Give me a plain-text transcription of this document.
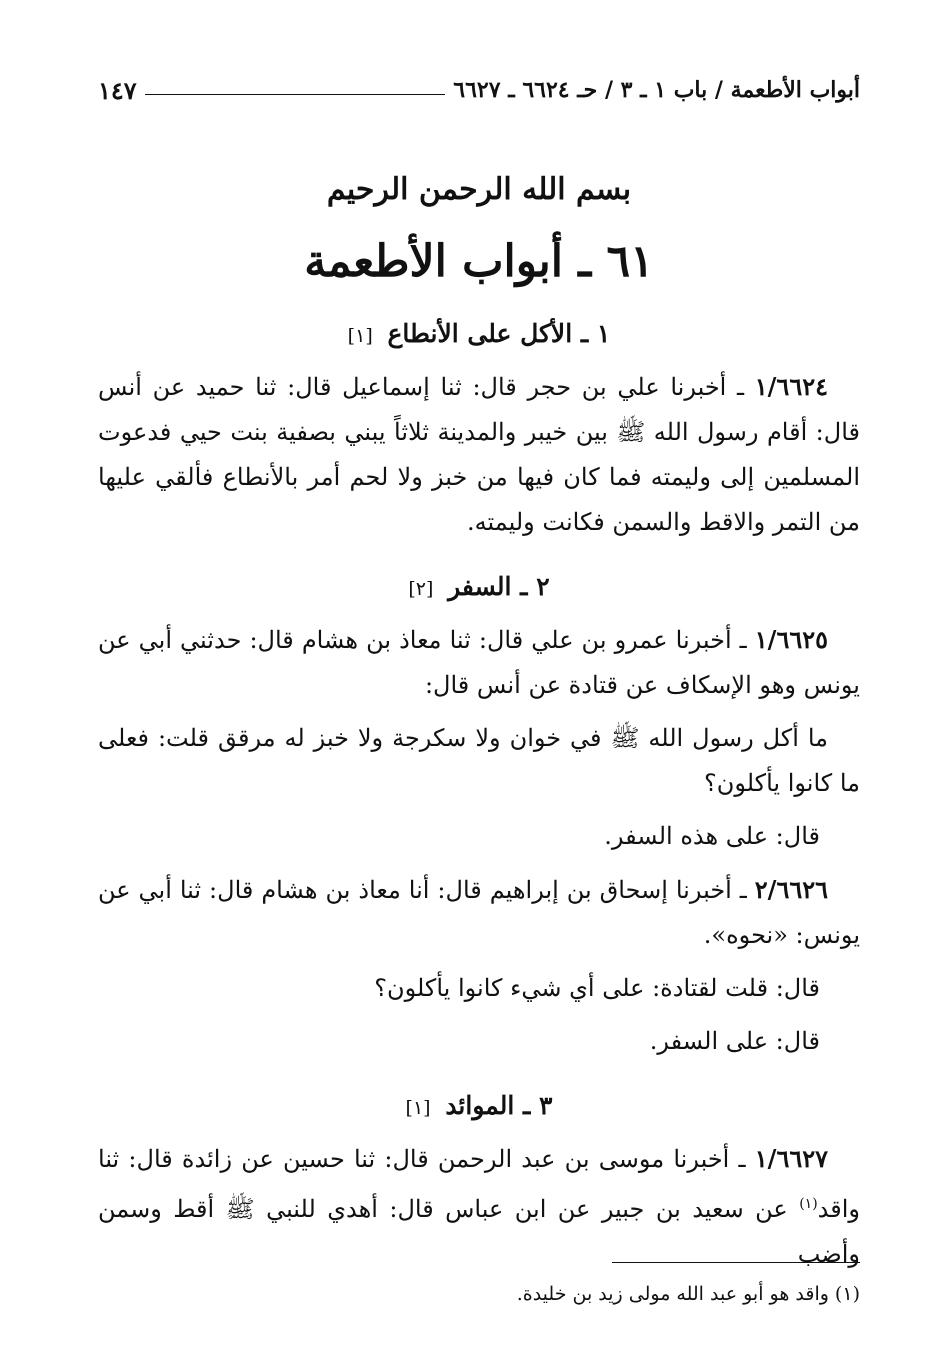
١٤٧	أبواب الأطعمة / باب ١ ـ ٣ / حـ ٦٦٢٤ ـ ٦٦٢٧

بسم الله الرحمن الرحيم

٦١ ـ أبواب الأطعمة
١ ـ الأكل على الأنطاع [١]

١/٦٦٢٤ ـ أخبرنا علي بن حجر قال: ثنا إسماعيل قال: ثنا حميد عن أنس قال: أقام رسول الله ﷺ بين خيبر والمدينة ثلاثاً يبني بصفية بنت حيي فدعوت المسلمين إلى وليمته فما كان فيها من خبز ولا لحم أمر بالأنطاع فألقي عليها من التمر والاقط والسمن فكانت وليمته.

٢ ـ السفر [٢]

١/٦٦٢٥ ـ أخبرنا عمرو بن علي قال: ثنا معاذ بن هشام قال: حدثني أبي عن يونس وهو الإسكاف عن قتادة عن أنس قال:

ما أكل رسول الله ﷺ في خوان ولا سكرجة ولا خبز له مرقق قلت: فعلى ما كانوا يأكلون؟

قال: على هذه السفر.

٢/٦٦٢٦ ـ أخبرنا إسحاق بن إبراهيم قال: أنا معاذ بن هشام قال: ثنا أبي عن يونس: «نحوه».

قال: قلت لقتادة: على أي شيء كانوا يأكلون؟

قال: على السفر.

٣ ـ الموائد [١]

١/٦٦٢٧ ـ أخبرنا موسى بن عبد الرحمن قال: ثنا حسين عن زائدة قال: ثنا واقد$^{(١)}$ عن سعيد بن جبير عن ابن عباس قال: أهدي للنبي ﷺ أقط وسمن وأضب

(١) واقد هو أبو عبد الله مولى زيد بن خليدة.
